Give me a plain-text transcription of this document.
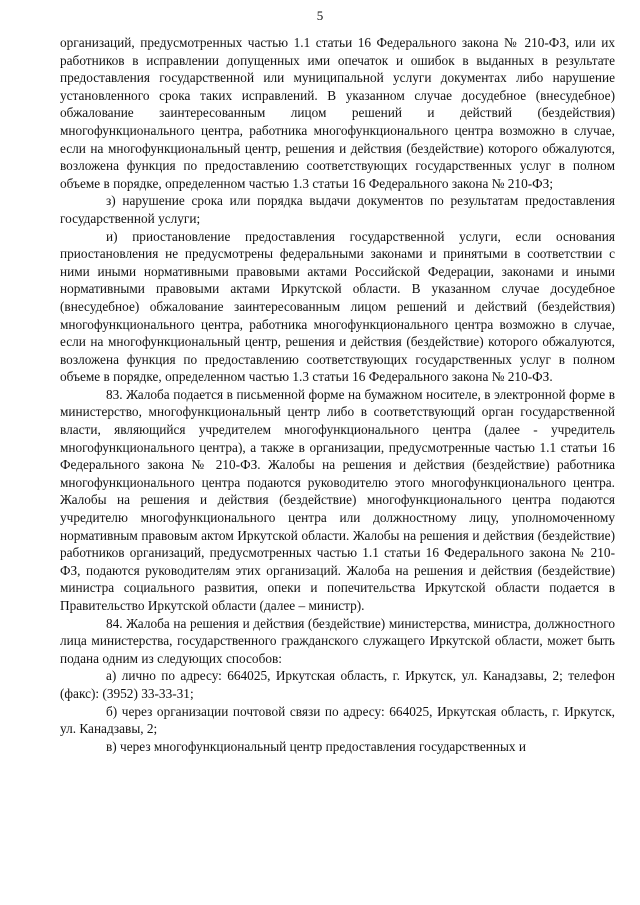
5

организаций, предусмотренных частью 1.1 статьи 16 Федерального закона № 210-ФЗ, или их работников в исправлении допущенных ими опечаток и ошибок в выданных в результате предоставления государственной или муниципальной услуги документах либо нарушение установленного срока таких исправлений. В указанном случае досудебное (внесудебное) обжалование заинтересованным лицом решений и действий (бездействия) многофункционального центра, работника многофункционального центра возможно в случае, если на многофункциональный центр, решения и действия (бездействие) которого обжалуются, возложена функция по предоставлению соответствующих государственных услуг в полном объеме в порядке, определенном частью 1.3 статьи 16 Федерального закона № 210-ФЗ;

з) нарушение срока или порядка выдачи документов по результатам предоставления государственной услуги;

и) приостановление предоставления государственной услуги, если основания приостановления не предусмотрены федеральными законами и принятыми в соответствии с ними иными нормативными правовыми актами Российской Федерации, законами и иными нормативными правовыми актами Иркутской области. В указанном случае досудебное (внесудебное) обжалование заинтересованным лицом решений и действий (бездействия) многофункционального центра, работника многофункционального центра возможно в случае, если на многофункциональный центр, решения и действия (бездействие) которого обжалуются, возложена функция по предоставлению соответствующих государственных услуг в полном объеме в порядке, определенном частью 1.3 статьи 16 Федерального закона № 210-ФЗ.

83. Жалоба подается в письменной форме на бумажном носителе, в электронной форме в министерство, многофункциональный центр либо в соответствующий орган государственной власти, являющийся учредителем многофункционального центра (далее - учредитель многофункционального центра), а также в организации, предусмотренные частью 1.1 статьи 16 Федерального закона № 210-ФЗ. Жалобы на решения и действия (бездействие) работника многофункционального центра подаются руководителю этого многофункционального центра. Жалобы на решения и действия (бездействие) многофункционального центра подаются учредителю многофункционального центра или должностному лицу, уполномоченному нормативным правовым актом Иркутской области. Жалобы на решения и действия (бездействие) работников организаций, предусмотренных частью 1.1 статьи 16 Федерального закона № 210-ФЗ, подаются руководителям этих организаций. Жалоба на решения и действия (бездействие) министра социального развития, опеки и попечительства Иркутской области подается в Правительство Иркутской области (далее – министр).

84. Жалоба на решения и действия (бездействие) министерства, министра, должностного лица министерства, государственного гражданского служащего Иркутской области, может быть подана одним из следующих способов:

а) лично по адресу: 664025, Иркутская область, г. Иркутск, ул. Канадзавы, 2; телефон (факс): (3952) 33-33-31;

б) через организации почтовой связи по адресу: 664025, Иркутская область, г. Иркутск, ул. Канадзавы, 2;

в) через многофункциональный центр предоставления государственных и
